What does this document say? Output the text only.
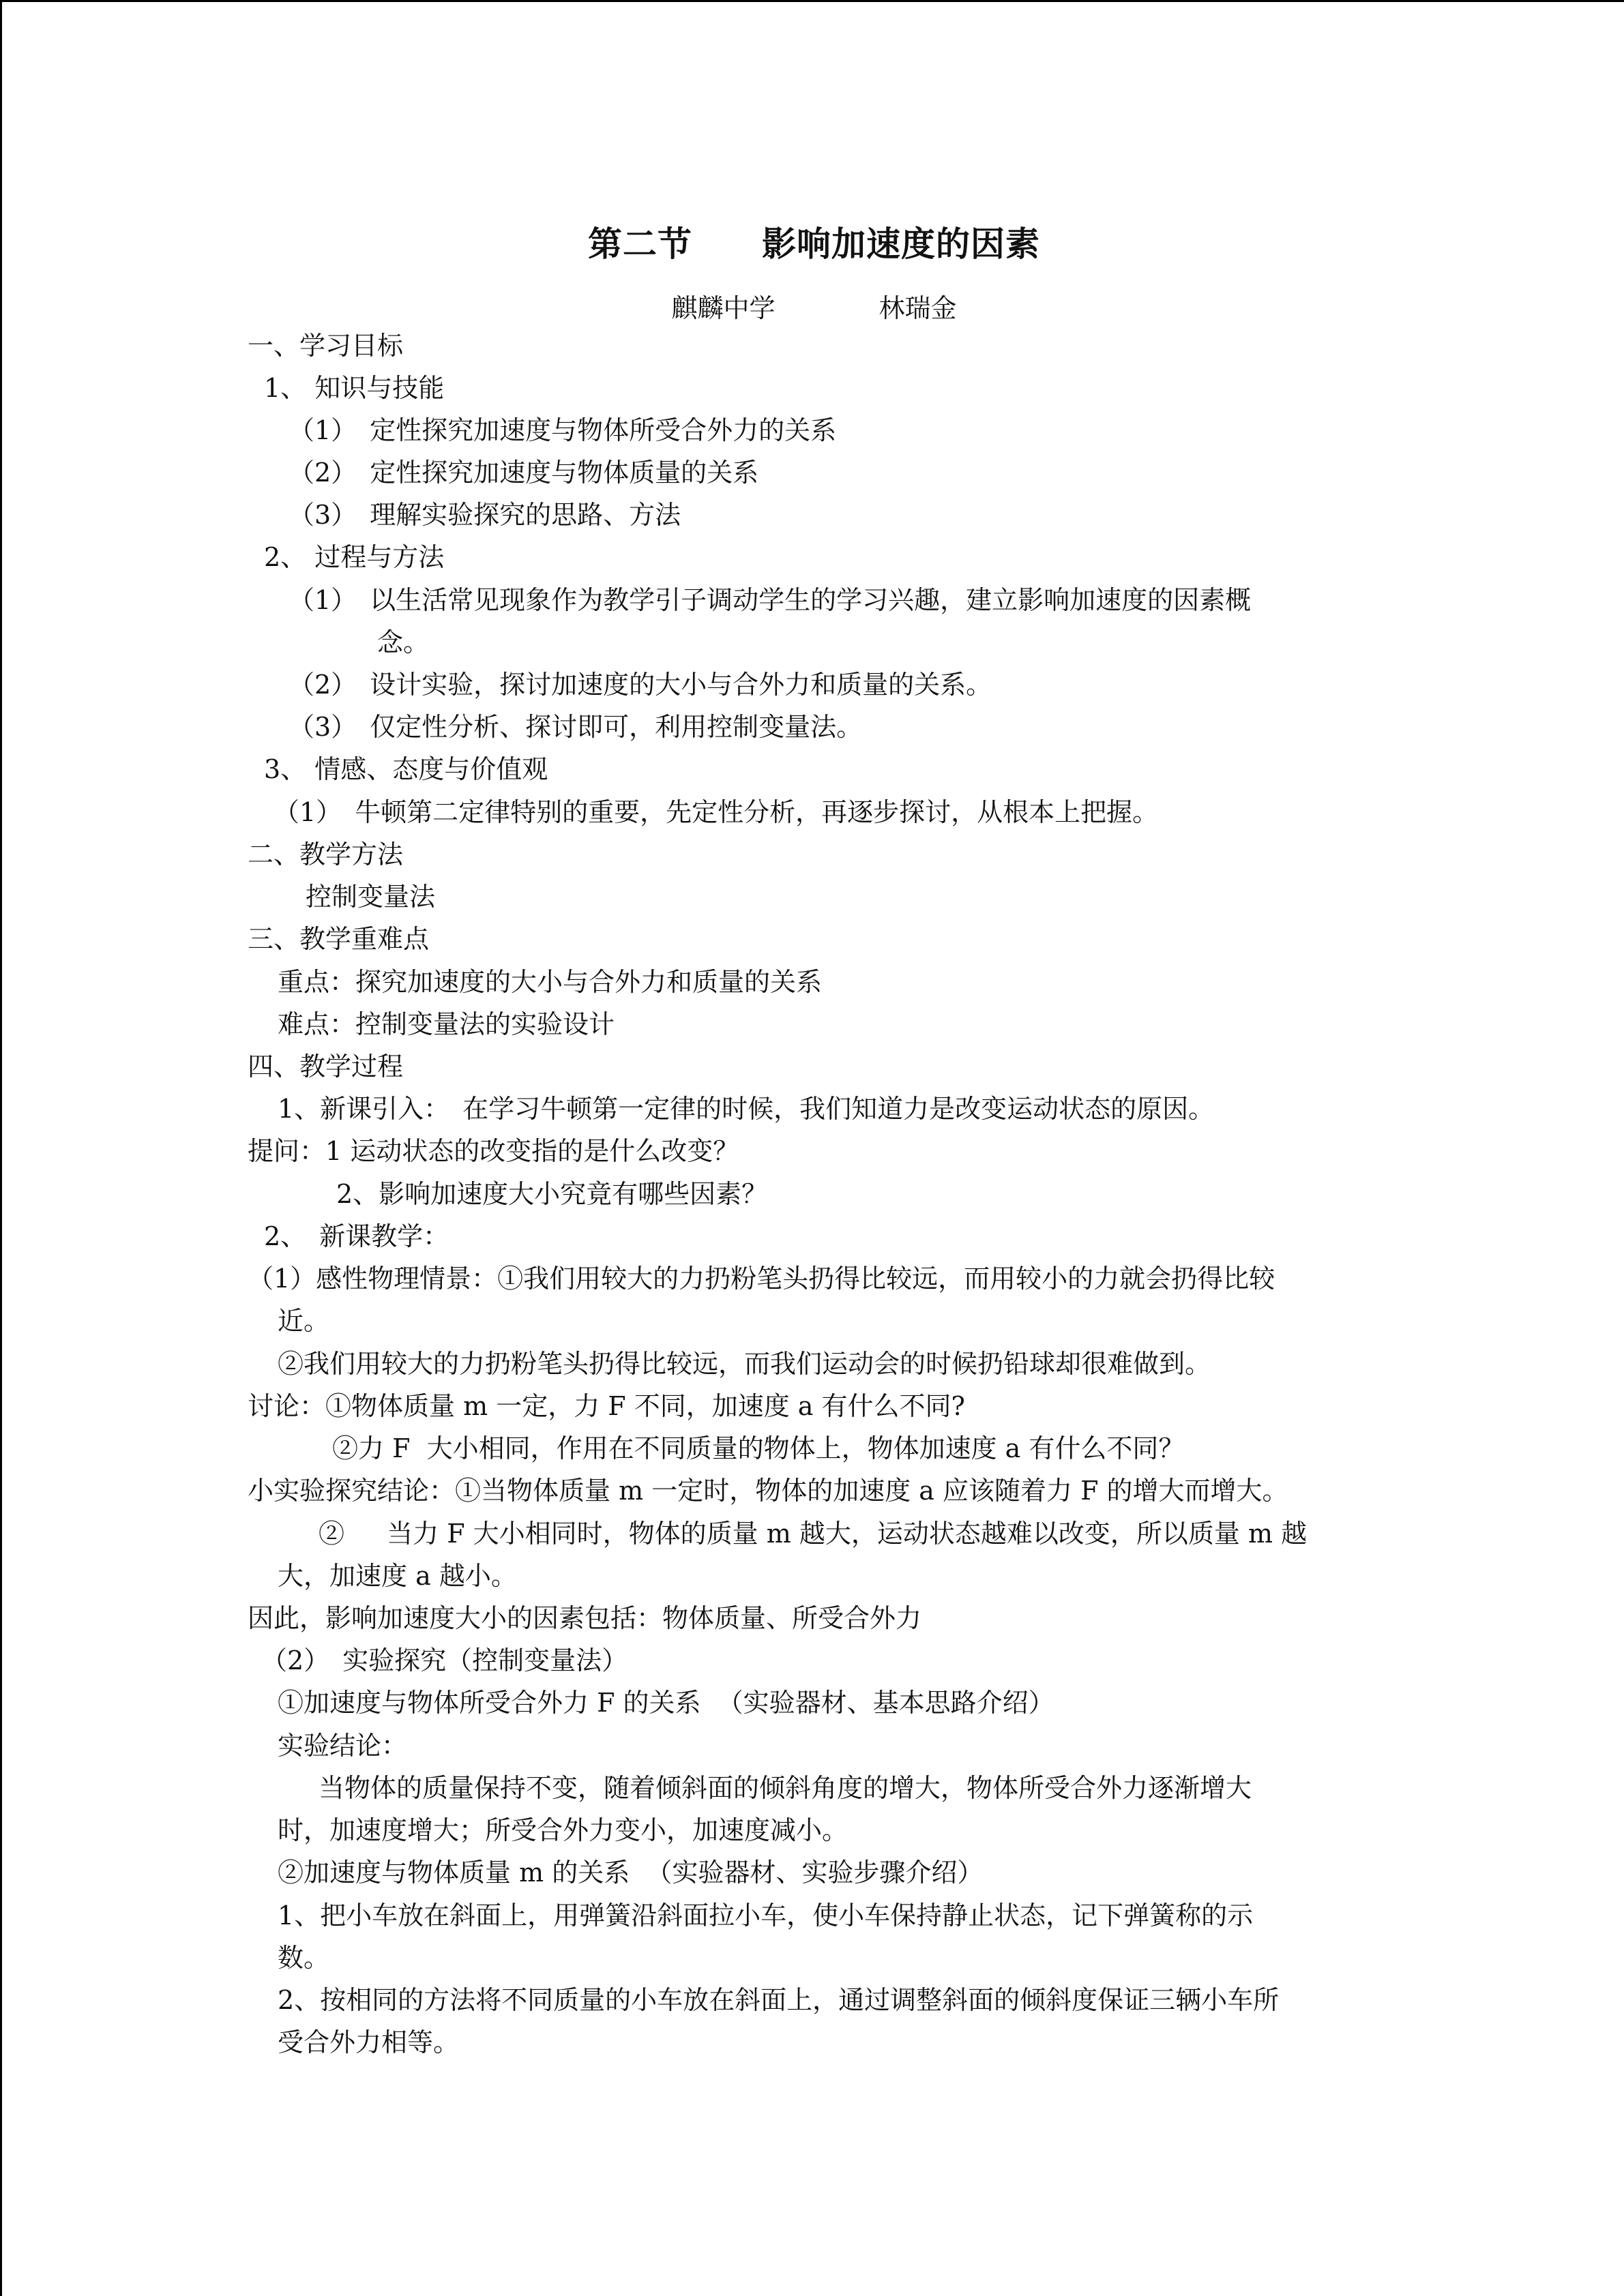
第二节　　影响加速度的因素
麒麟中学　　　　林瑞金
一、学习目标
1、 知识与技能
（1）　定性探究加速度与物体所受合外力的关系
（2）　定性探究加速度与物体质量的关系
（3）　理解实验探究的思路、方法
2、 过程与方法
（1）　以生活常见现象作为教学引子调动学生的学习兴趣，建立影响加速度的因素概
念。
（2）　设计实验，探讨加速度的大小与合外力和质量的关系。
（3）　仅定性分析、探讨即可，利用控制变量法。
3、 情感、态度与价值观
（1）　牛顿第二定律特别的重要，先定性分析，再逐步探讨，从根本上把握。
二、教学方法
控制变量法
三、教学重难点
重点：探究加速度的大小与合外力和质量的关系
难点：控制变量法的实验设计
四、教学过程
1、新课引入：　在学习牛顿第一定律的时候，我们知道力是改变运动状态的原因。
提问：1 运动状态的改变指的是什么改变？
2、影响加速度大小究竟有哪些因素？
2、　新课教学：
（1）感性物理情景：①我们用较大的力扔粉笔头扔得比较远，而用较小的力就会扔得比较
近。
②我们用较大的力扔粉笔头扔得比较远，而我们运动会的时候扔铅球却很难做到。
讨论：①物体质量 m 一定，力 F 不同，加速度 a 有什么不同?
②力 F  大小相同，作用在不同质量的物体上，物体加速度 a 有什么不同？
小实验探究结论：①当物体质量 m 一定时，物体的加速度 a 应该随着力 F 的增大而增大。
②　  当力 F 大小相同时，物体的质量 m 越大，运动状态越难以改变，所以质量 m 越
大，加速度 a 越小。
因此，影响加速度大小的因素包括：物体质量、所受合外力
（2）　实验探究（控制变量法）
①加速度与物体所受合外力 F 的关系  （实验器材、基本思路介绍）
实验结论：
当物体的质量保持不变，随着倾斜面的倾斜角度的增大，物体所受合外力逐渐增大
时，加速度增大；所受合外力变小，加速度减小。
②加速度与物体质量 m 的关系  （实验器材、实验步骤介绍）
1、把小车放在斜面上，用弹簧沿斜面拉小车，使小车保持静止状态，记下弹簧称的示
数。
2、按相同的方法将不同质量的小车放在斜面上，通过调整斜面的倾斜度保证三辆小车所
受合外力相等。
